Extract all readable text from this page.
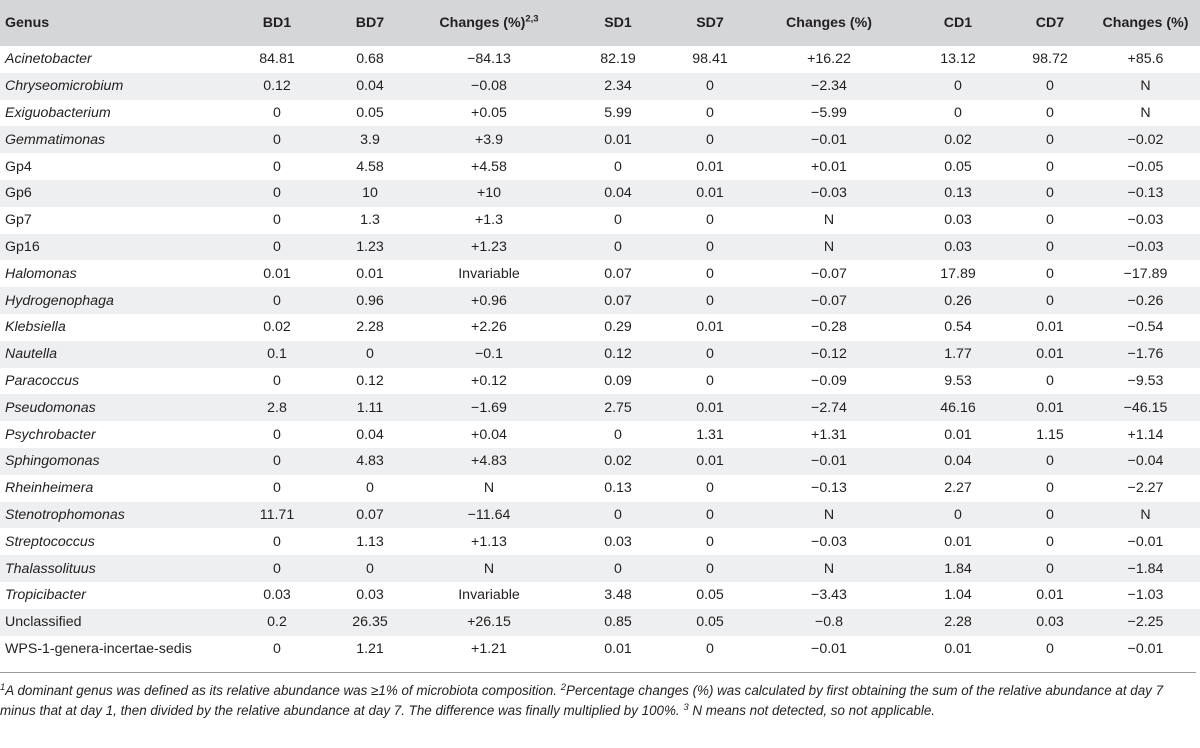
Genus	BD1	BD7	Changes (%)$^{2,3}$	SD1	SD7	Changes (%)	CD1	CD7	Changes (%)
Acinetobacter	84.81	0.68	−84.13	82.19	98.41	+16.22	13.12	98.72	+85.6
Chryseomicrobium	0.12	0.04	−0.08	2.34	0	−2.34	0	0	N
Exiguobacterium	0	0.05	+0.05	5.99	0	−5.99	0	0	N
Gemmatimonas	0	3.9	+3.9	0.01	0	−0.01	0.02	0	−0.02
Gp4	0	4.58	+4.58	0	0.01	+0.01	0.05	0	−0.05
Gp6	0	10	+10	0.04	0.01	−0.03	0.13	0	−0.13
Gp7	0	1.3	+1.3	0	0	N	0.03	0	−0.03
Gp16	0	1.23	+1.23	0	0	N	0.03	0	−0.03
Halomonas	0.01	0.01	Invariable	0.07	0	−0.07	17.89	0	−17.89
Hydrogenophaga	0	0.96	+0.96	0.07	0	−0.07	0.26	0	−0.26
Klebsiella	0.02	2.28	+2.26	0.29	0.01	−0.28	0.54	0.01	−0.54
Nautella	0.1	0	−0.1	0.12	0	−0.12	1.77	0.01	−1.76
Paracoccus	0	0.12	+0.12	0.09	0	−0.09	9.53	0	−9.53
Pseudomonas	2.8	1.11	−1.69	2.75	0.01	−2.74	46.16	0.01	−46.15
Psychrobacter	0	0.04	+0.04	0	1.31	+1.31	0.01	1.15	+1.14
Sphingomonas	0	4.83	+4.83	0.02	0.01	−0.01	0.04	0	−0.04
Rheinheimera	0	0	N	0.13	0	−0.13	2.27	0	−2.27
Stenotrophomonas	11.71	0.07	−11.64	0	0	N	0	0	N
Streptococcus	0	1.13	+1.13	0.03	0	−0.03	0.01	0	−0.01
Thalassolituus	0	0	N	0	0	N	1.84	0	−1.84
Tropicibacter	0.03	0.03	Invariable	3.48	0.05	−3.43	1.04	0.01	−1.03
Unclassified	0.2	26.35	+26.15	0.85	0.05	−0.8	2.28	0.03	−2.25
WPS-1-genera-incertae-sedis	0	1.21	+1.21	0.01	0	−0.01	0.01	0	−0.01
$^1$A dominant genus was defined as its relative abundance was ≥1% of microbiota composition. $^2$Percentage changes (%) was calculated by first obtaining the sum of the relative abundance at day 7 minus that at day 1, then divided by the relative abundance at day 7. The difference was finally multiplied by 100%. $^3$ N means not detected, so not applicable.
